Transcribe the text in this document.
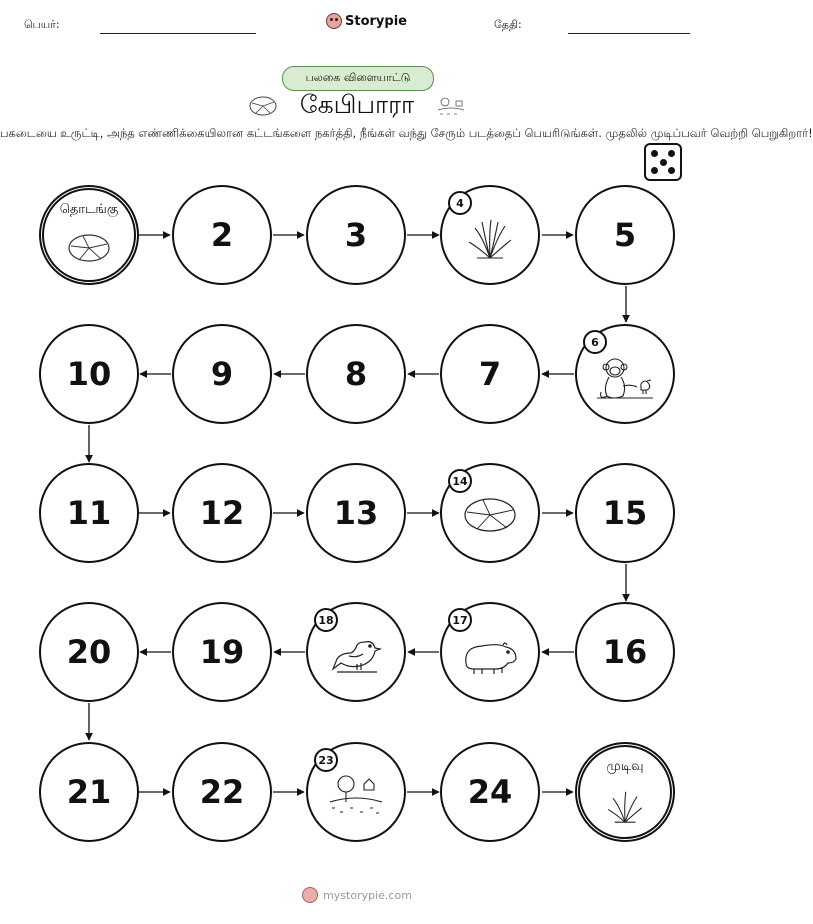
பெயர்:	Storypie	தேதி:
பலகை விளையாட்டு
கேபிபாரா
பகடையை உருட்டி, அந்த எண்ணிக்கையிலான கட்டங்களை நகர்த்தி, நீங்கள் வந்து சேரும் படத்தைப் பெயரிடுங்கள். முதலில் முடிப்பவர் வெற்றி பெறுகிறார்!
தொடங்கு
2	3
4
5
6
7
8
9
10
11	12	13
14
15
16
17
18
19
20
21	22
23
24
முடிவு
mystorypie.com
